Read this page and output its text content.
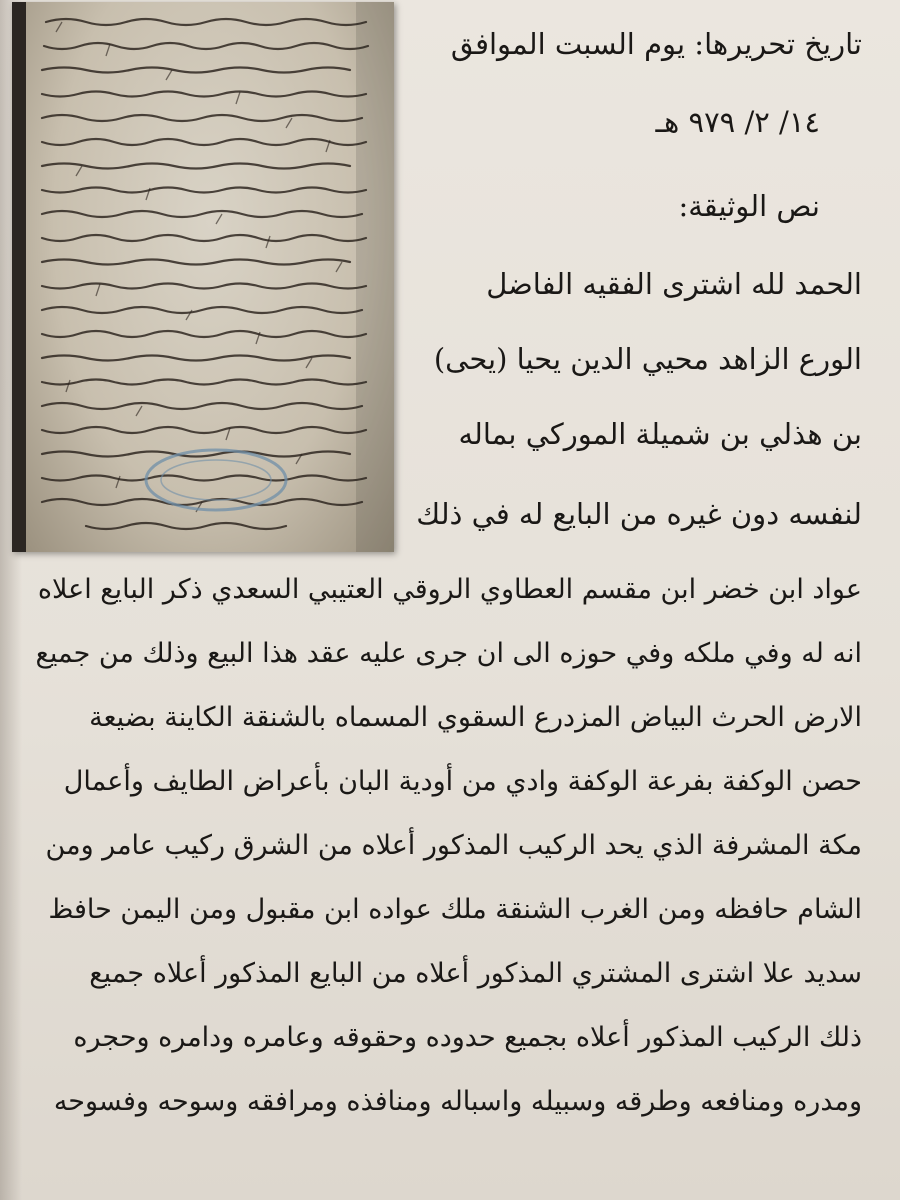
تاريخ تحريرها: يوم السبت الموافق
١٤/ ٢/ ٩٧٩ هـ
نص الوثيقة:
الحمد لله اشترى الفقيه الفاضل
الورع الزاهد محيي الدين يحيا (يحى)
بن هذلي بن شميلة الموركي بماله
لنفسه دون غيره من البايع له في ذلك
عواد ابن خضر ابن مقسم العطاوي الروقي العتيبي السعدي ذكر البايع اعلاه
انه له وفي ملكه وفي حوزه الى ان جرى عليه عقد هذا البيع وذلك من جميع
الارض الحرث البياض المزدرع السقوي المسماه بالشنقة الكاينة بضيعة
حصن الوكفة بفرعة الوكفة وادي من أودية البان بأعراض الطايف وأعمال
مكة المشرفة الذي يحد الركيب المذكور أعلاه من الشرق ركيب عامر ومن
الشام حافظه ومن الغرب الشنقة ملك عواده ابن مقبول ومن اليمن حافظ
سديد علا اشترى المشتري المذكور أعلاه من البايع المذكور أعلاه جميع
ذلك الركيب المذكور أعلاه بجميع حدوده وحقوقه وعامره ودامره وحجره
ومدره ومنافعه وطرقه وسبيله واسباله ومنافذه ومرافقه وسوحه وفسوحه
